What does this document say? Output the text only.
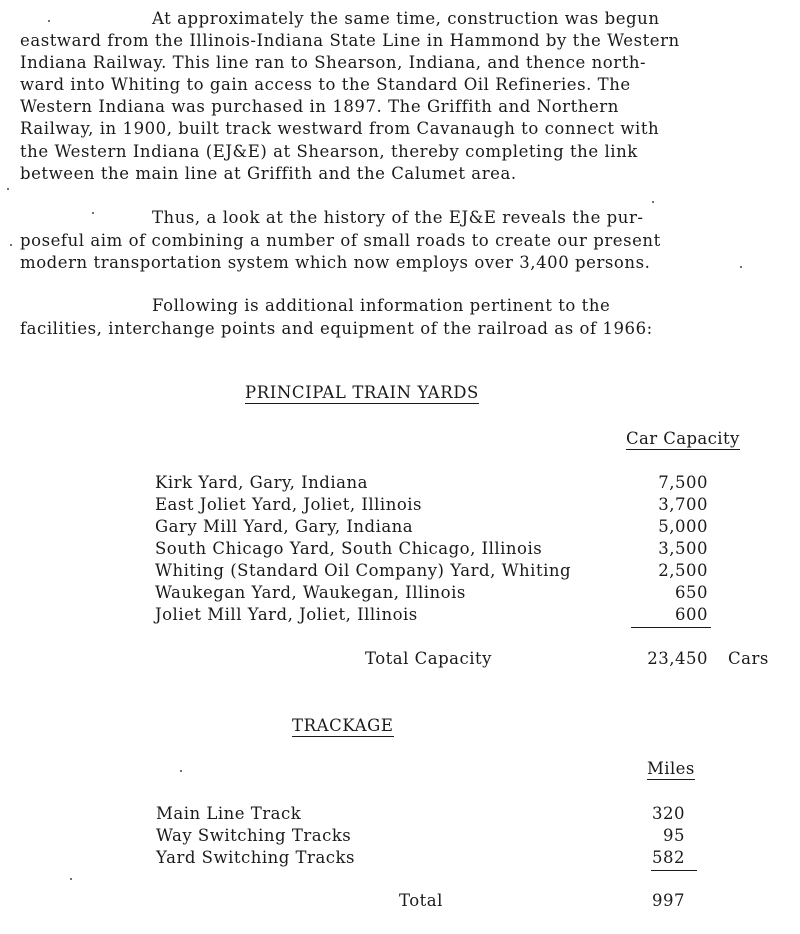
At approximately the same time, construction was begun
eastward from the Illinois-Indiana State Line in Hammond by the Western
Indiana Railway. This line ran to Shearson, Indiana, and thence north-
ward into Whiting to gain access to the Standard Oil Refineries. The
Western Indiana was purchased in 1897. The Griffith and Northern
Railway, in 1900, built track westward from Cavanaugh to connect with
the Western Indiana (EJ&E) at Shearson, thereby completing the link
between the main line at Griffith and the Calumet area.
Thus, a look at the history of the EJ&E reveals the pur-
poseful aim of combining a number of small roads to create our present
modern transportation system which now employs over 3,400 persons.
Following is additional information pertinent to the
facilities, interchange points and equipment of the railroad as of 1966:
PRINCIPAL TRAIN YARDS
Car Capacity
Kirk Yard, Gary, Indiana
East Joliet Yard, Joliet, Illinois
Gary Mill Yard, Gary, Indiana
South Chicago Yard, South Chicago, Illinois
Whiting (Standard Oil Company) Yard, Whiting
Waukegan Yard, Waukegan, Illinois
Joliet Mill Yard, Joliet, Illinois
7,500
3,700
5,000
3,500
2,500
650
600
Total Capacity	23,450 Cars
TRACKAGE
Miles
Main Line Track
Way Switching Tracks
Yard Switching Tracks
320
95
582
Total	997
